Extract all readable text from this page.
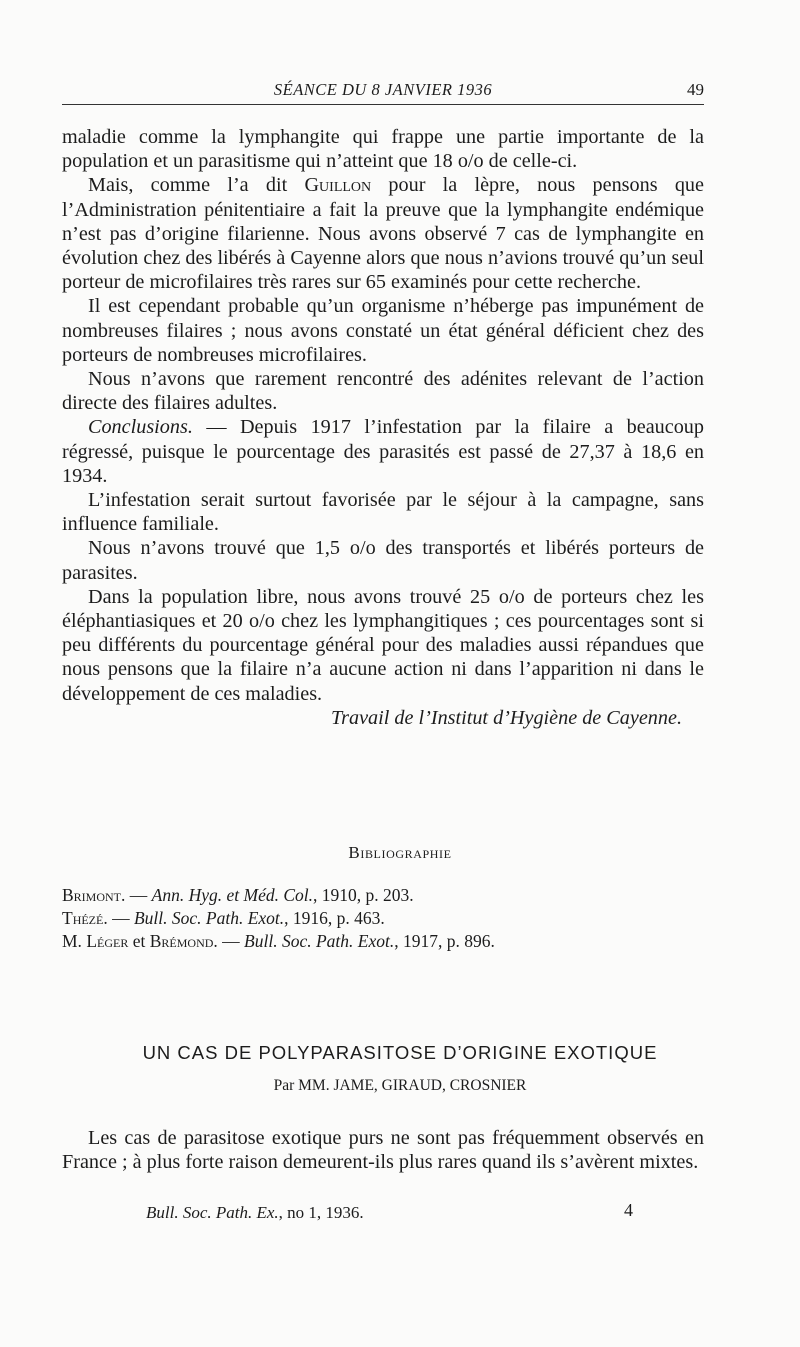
SÉANCE DU 8 JANVIER 1936	49

maladie comme la lymphangite qui frappe une partie importante de la population et un parasitisme qui n’atteint que 18 o/o de celle-ci.

Mais, comme l’a dit Guillon pour la lèpre, nous pensons que l’Administration pénitentiaire a fait la preuve que la lymphangite endémique n’est pas d’origine filarienne. Nous avons observé 7 cas de lymphangite en évolution chez des libérés à Cayenne alors que nous n’avions trouvé qu’un seul porteur de microfilaires très rares sur 65 examinés pour cette recherche.

Il est cependant probable qu’un organisme n’héberge pas impunément de nombreuses filaires ; nous avons constaté un état général déficient chez des porteurs de nombreuses microfilaires.

Nous n’avons que rarement rencontré des adénites relevant de l’action directe des filaires adultes.

Conclusions. — Depuis 1917 l’infestation par la filaire a beaucoup régressé, puisque le pourcentage des parasités est passé de 27,37 à 18,6 en 1934.

L’infestation serait surtout favorisée par le séjour à la campagne, sans influence familiale.

Nous n’avons trouvé que 1,5 o/o des transportés et libérés porteurs de parasites.

Dans la population libre, nous avons trouvé 25 o/o de porteurs chez les éléphantiasiques et 20 o/o chez les lymphangitiques ; ces pourcentages sont si peu différents du pourcentage général pour des maladies aussi répandues que nous pensons que la filaire n’a aucune action ni dans l’apparition ni dans le développement de ces maladies.

Travail de l’Institut d’Hygiène de Cayenne.
Bibliographie
Brimont. — Ann. Hyg. et Méd. Col., 1910, p. 203.
Thézé. — Bull. Soc. Path. Exot., 1916, p. 463.
M. Léger et Brémond. — Bull. Soc. Path. Exot., 1917, p. 896.
UN CAS DE POLYPARASITOSE D’ORIGINE EXOTIQUE
Par MM. JAME, GIRAUD, CROSNIER

Les cas de parasitose exotique purs ne sont pas fréquemment observés en France ; à plus forte raison demeurent-ils plus rares quand ils s’avèrent mixtes.

Bull. Soc. Path. Ex., no 1, 1936.	4
